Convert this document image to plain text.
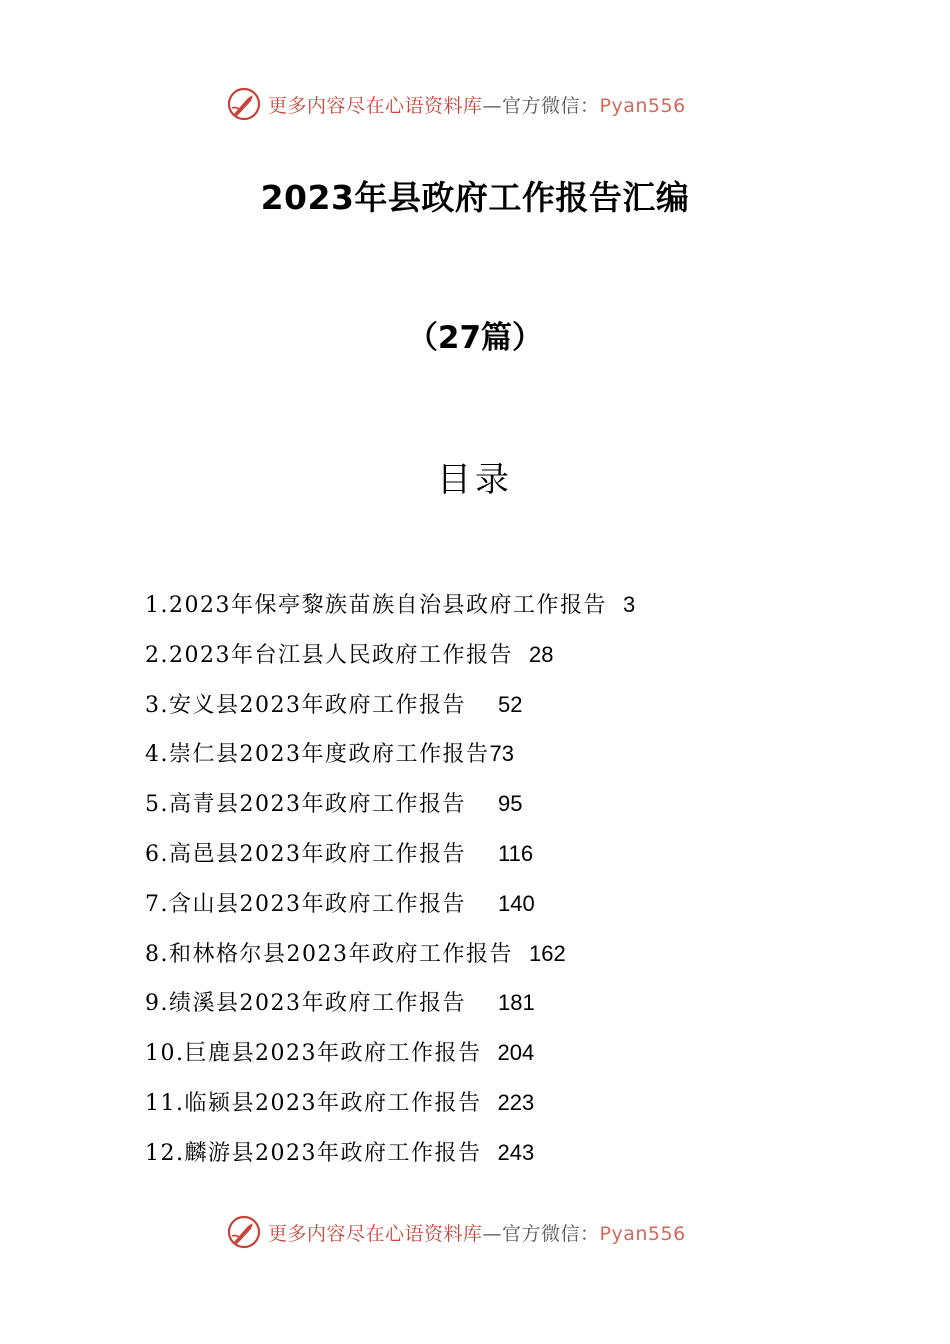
更多内容尽在心语资料库—官方微信：Pyan556
2023年县政府工作报告汇编
（27篇）
目录
1.2023年保亭黎族苗族自治县政府工作报告 3
2.2023年台江县人民政府工作报告 28
3.安义县2023年政府工作报告 52
4.崇仁县2023年度政府工作报告73
5.高青县2023年政府工作报告 95
6.高邑县2023年政府工作报告 116
7.含山县2023年政府工作报告 140
8.和林格尔县2023年政府工作报告 162
9.绩溪县2023年政府工作报告 181
10.巨鹿县2023年政府工作报告 204
11.临颍县2023年政府工作报告 223
12.麟游县2023年政府工作报告 243
更多内容尽在心语资料库—官方微信：Pyan556
